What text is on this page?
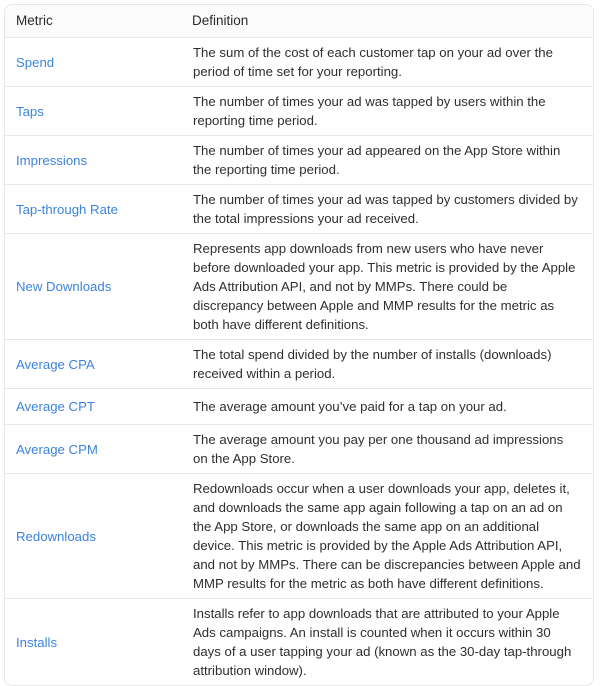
Metric	Definition
Spend	The sum of the cost of each customer tap on your ad over the period of time set for your reporting.
Taps	The number of times your ad was tapped by users within the reporting time period.
Impressions	The number of times your ad appeared on the App Store within the reporting time period.
Tap-through Rate	The number of times your ad was tapped by customers divided by the total impressions your ad received.
New Downloads	Represents app downloads from new users who have never before downloaded your app. This metric is provided by the Apple Ads Attribution API, and not by MMPs. There could be discrepancy between Apple and MMP results for the metric as both have different definitions.
Average CPA	The total spend divided by the number of installs (downloads) received within a period.
Average CPT	The average amount you’ve paid for a tap on your ad.
Average CPM	The average amount you pay per one thousand ad impressions on the App Store.
Redownloads	Redownloads occur when a user downloads your app, deletes it, and downloads the same app again following a tap on an ad on the App Store, or downloads the same app on an additional device. This metric is provided by the Apple Ads Attribution API, and not by MMPs. There can be discrepancies between Apple and MMP results for the metric as both have different definitions.
Installs	Installs refer to app downloads that are attributed to your Apple Ads campaigns. An install is counted when it occurs within 30 days of a user tapping your ad (known as the 30-day tap-through attribution window).
